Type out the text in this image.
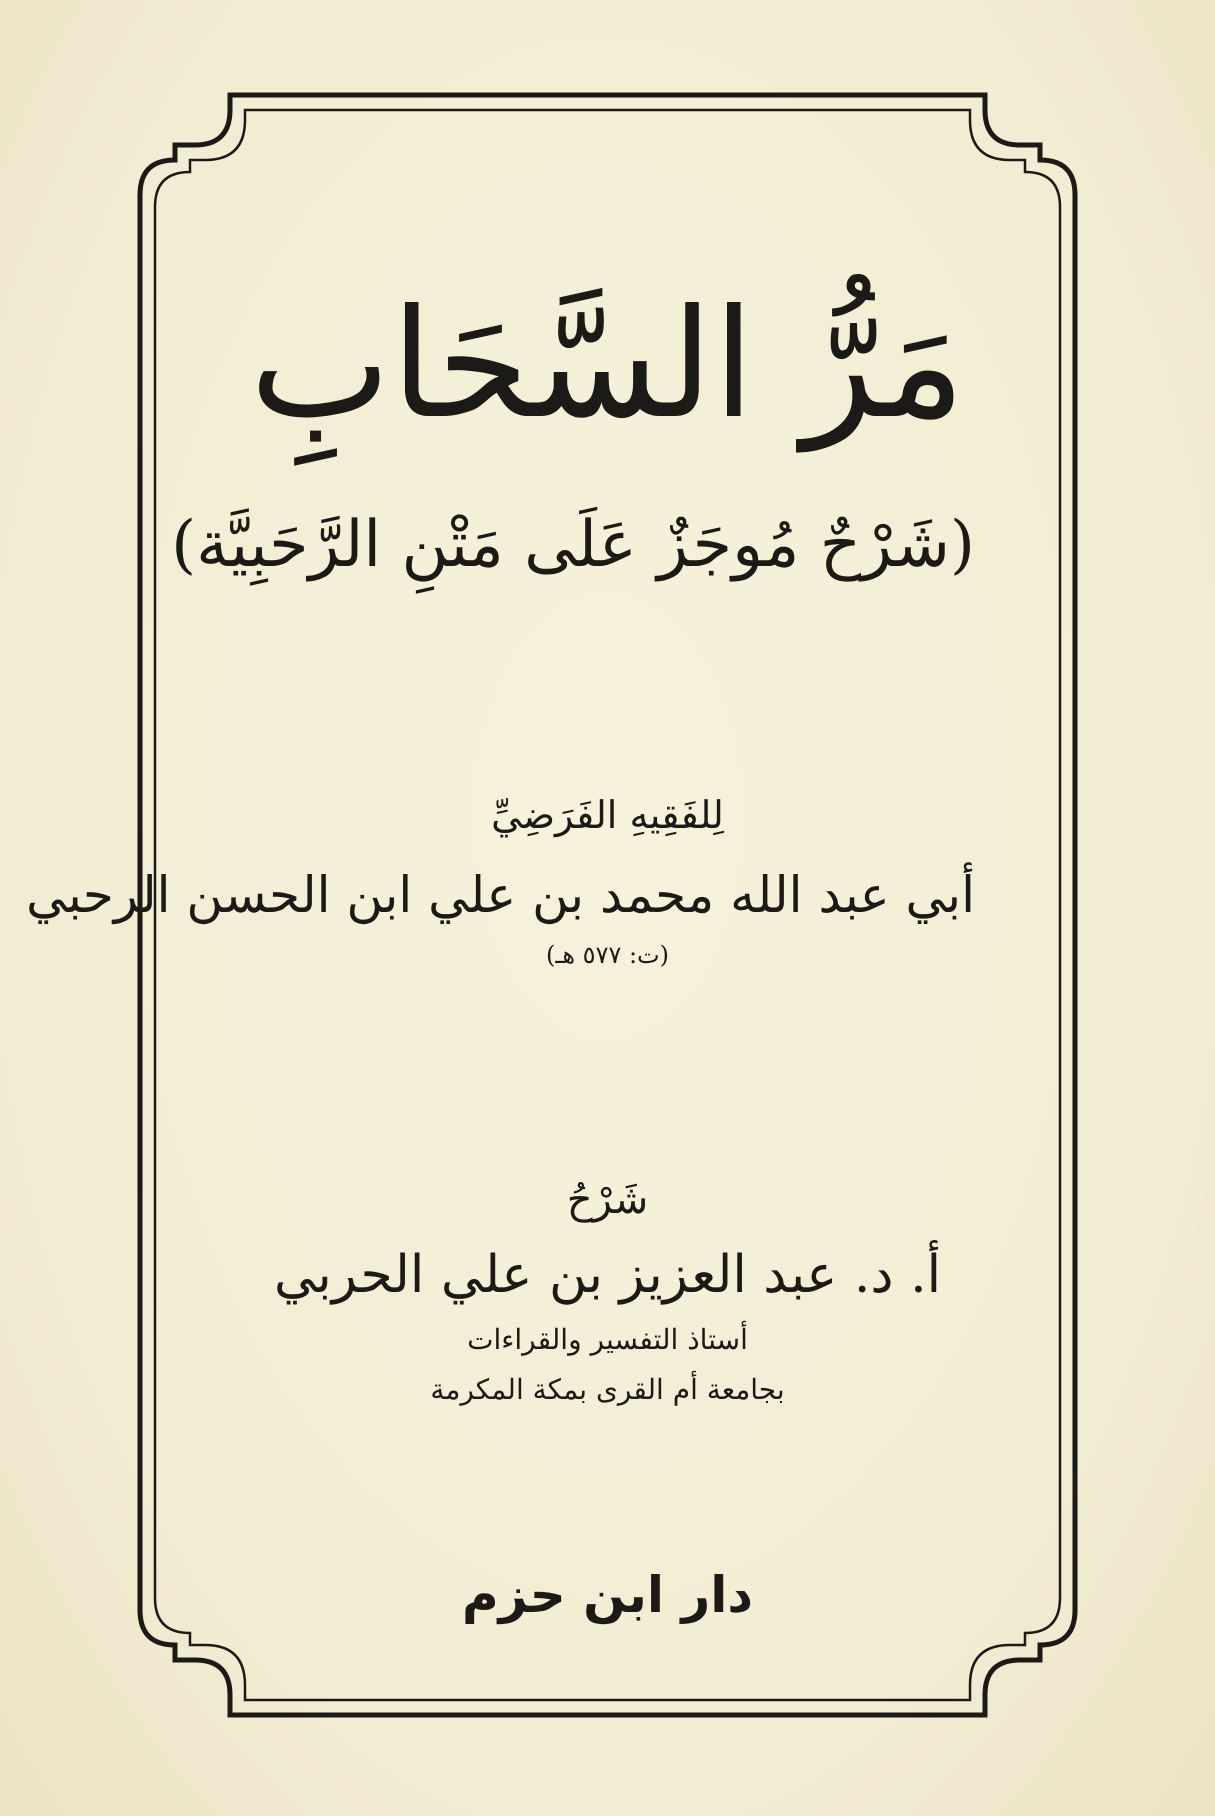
مَرُّ السَّحَابِ
(شَرْحٌ مُوجَزٌ عَلَى مَتْنِ الرَّحَبِيَّة)
لِلفَقِيهِ الفَرَضِيِّ
أبي عبد الله محمد بن علي ابن الحسن الرحبي
(ت: ٥٧٧ هـ)
شَرْحُ
أ. د. عبد العزيز بن علي الحربي
أستاذ التفسير والقراءات
بجامعة أم القرى بمكة المكرمة
دار ابن حزم
